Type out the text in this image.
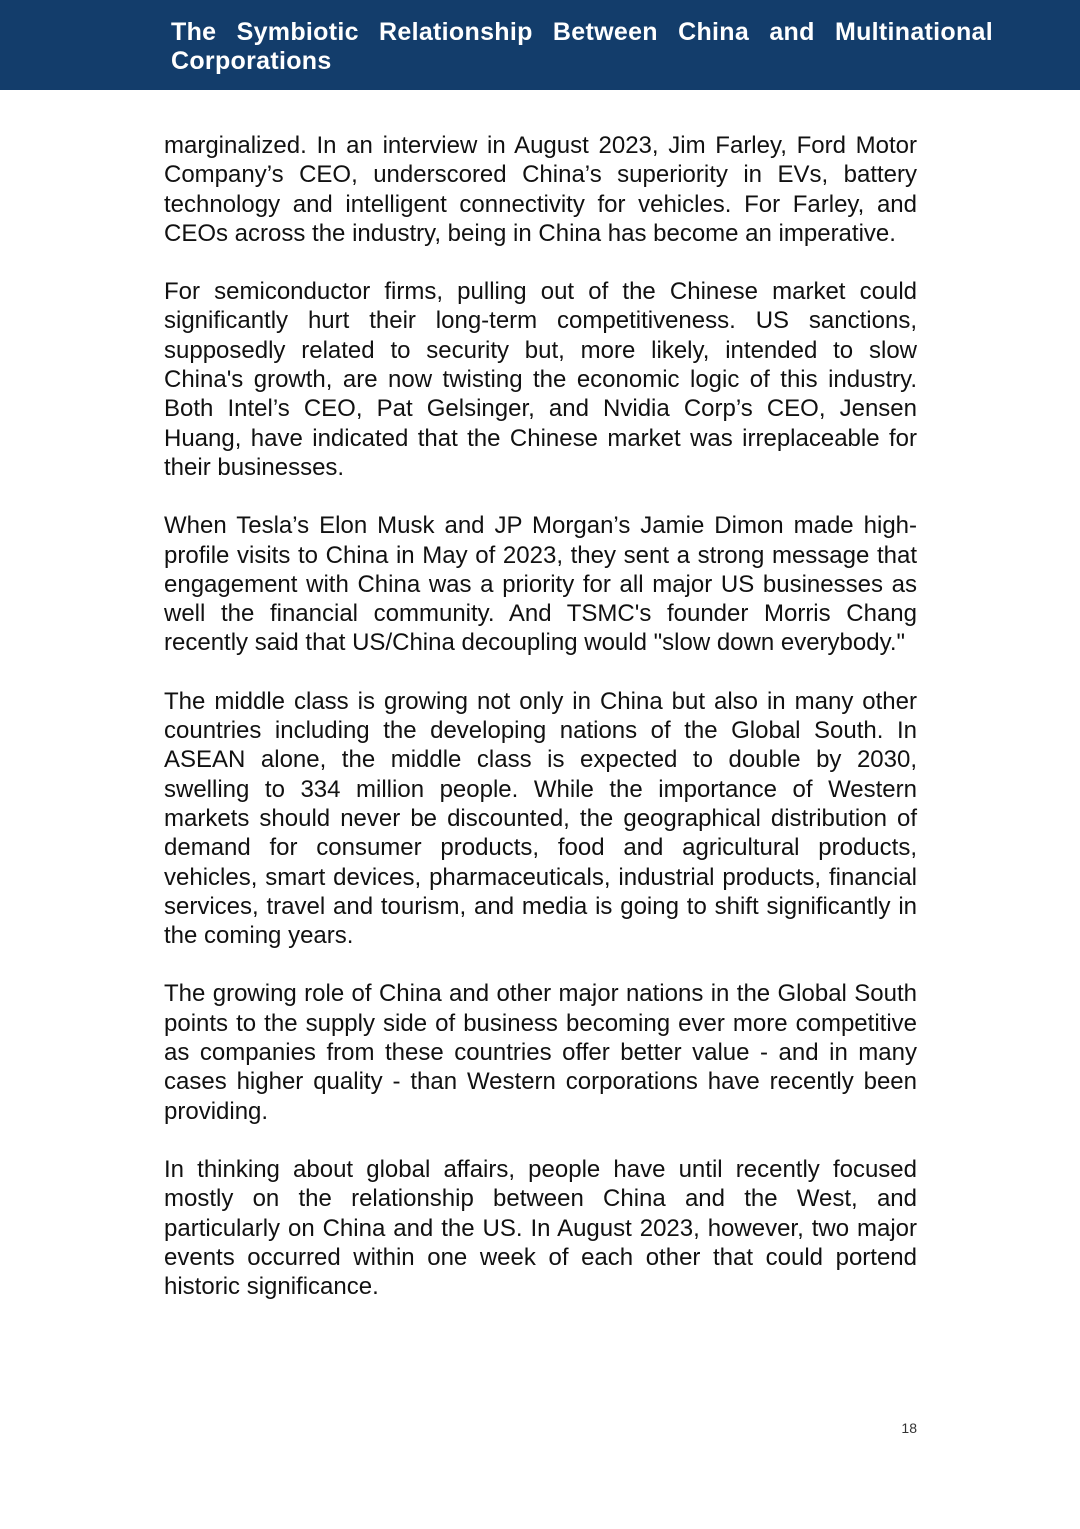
The Symbiotic Relationship Between China and Multinational Corporations

marginalized. In an interview in August 2023, Jim Farley, Ford Motor Company’s CEO, underscored China’s superiority in EVs, battery technology and intelligent connectivity for vehicles. For Farley, and CEOs across the industry, being in China has become an imperative.

For semiconductor firms, pulling out of the Chinese market could significantly hurt their long-term competitiveness. US sanctions, supposedly related to security but, more likely, intended to slow China's growth, are now twisting the economic logic of this industry. Both Intel’s CEO, Pat Gelsinger, and Nvidia Corp’s CEO, Jensen Huang, have indicated that the Chinese market was irreplaceable for their businesses.

When Tesla’s Elon Musk and JP Morgan’s Jamie Dimon made high-profile visits to China in May of 2023, they sent a strong message that engagement with China was a priority for all major US businesses as well the financial community. And TSMC's founder Morris Chang recently said that US/China decoupling would "slow down everybody."

The middle class is growing not only in China but also in many other countries including the developing nations of the Global South. In ASEAN alone, the middle class is expected to double by 2030, swelling to 334 million people. While the importance of Western markets should never be discounted, the geographical distribution of demand for consumer products, food and agricultural products, vehicles, smart devices, pharmaceuticals, industrial products, financial services, travel and tourism, and media is going to shift significantly in the coming years.

The growing role of China and other major nations in the Global South points to the supply side of business becoming ever more competitive as companies from these countries offer better value - and in many cases higher quality - than Western corporations have recently been providing.

In thinking about global affairs, people have until recently focused mostly on the relationship between China and the West, and particularly on China and the US. In August 2023, however, two major events occurred within one week of each other that could portend historic significance.

18
